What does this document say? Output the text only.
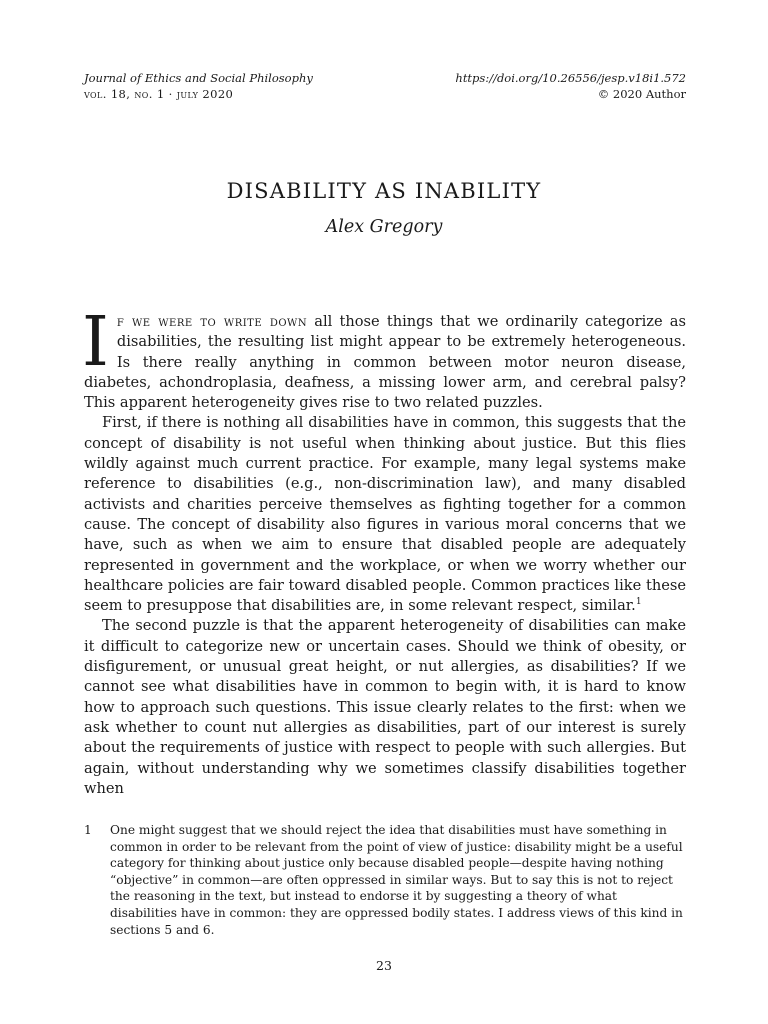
Journal of Ethics and Social Philosophy	https://doi.org/10.26556/jesp.v18i1.572
vol. 18, no. 1 · july 2020	© 2020 Author
DISABILITY AS INABILITY
Alex Gregory

If we were to write down all those things that we ordinarily categorize as disabilities, the resulting list might appear to be extremely heterogeneous. Is there really anything in common between motor neuron disease, diabetes, achondroplasia, deafness, a missing lower arm, and cerebral palsy? This apparent heterogeneity gives rise to two related puzzles.

First, if there is nothing all disabilities have in common, this suggests that the concept of disability is not useful when thinking about justice. But this flies wildly against much current practice. For example, many legal systems make reference to disabilities (e.g., non-discrimination law), and many disabled activists and charities perceive themselves as fighting together for a common cause. The concept of disability also figures in various moral concerns that we have, such as when we aim to ensure that disabled people are adequately represented in government and the workplace, or when we worry whether our healthcare policies are fair toward disabled people. Common practices like these seem to presuppose that disabilities are, in some relevant respect, similar.$^1$

The second puzzle is that the apparent heterogeneity of disabilities can make it difficult to categorize new or uncertain cases. Should we think of obesity, or disfigurement, or unusual great height, or nut allergies, as disabilities? If we cannot see what disabilities have in common to begin with, it is hard to know how to approach such questions. This issue clearly relates to the first: when we ask whether to count nut allergies as disabilities, part of our interest is surely about the requirements of justice with respect to people with such allergies. But again, without understanding why we sometimes classify disabilities together when

1	One might suggest that we should reject the idea that disabilities must have something in common in order to be relevant from the point of view of justice: disability might be a useful category for thinking about justice only because disabled people—despite having nothing “objective” in common—are often oppressed in similar ways. But to say this is not to reject the reasoning in the text, but instead to endorse it by suggesting a theory of what disabilities have in common: they are oppressed bodily states. I address views of this kind in sections 5 and 6.
23
